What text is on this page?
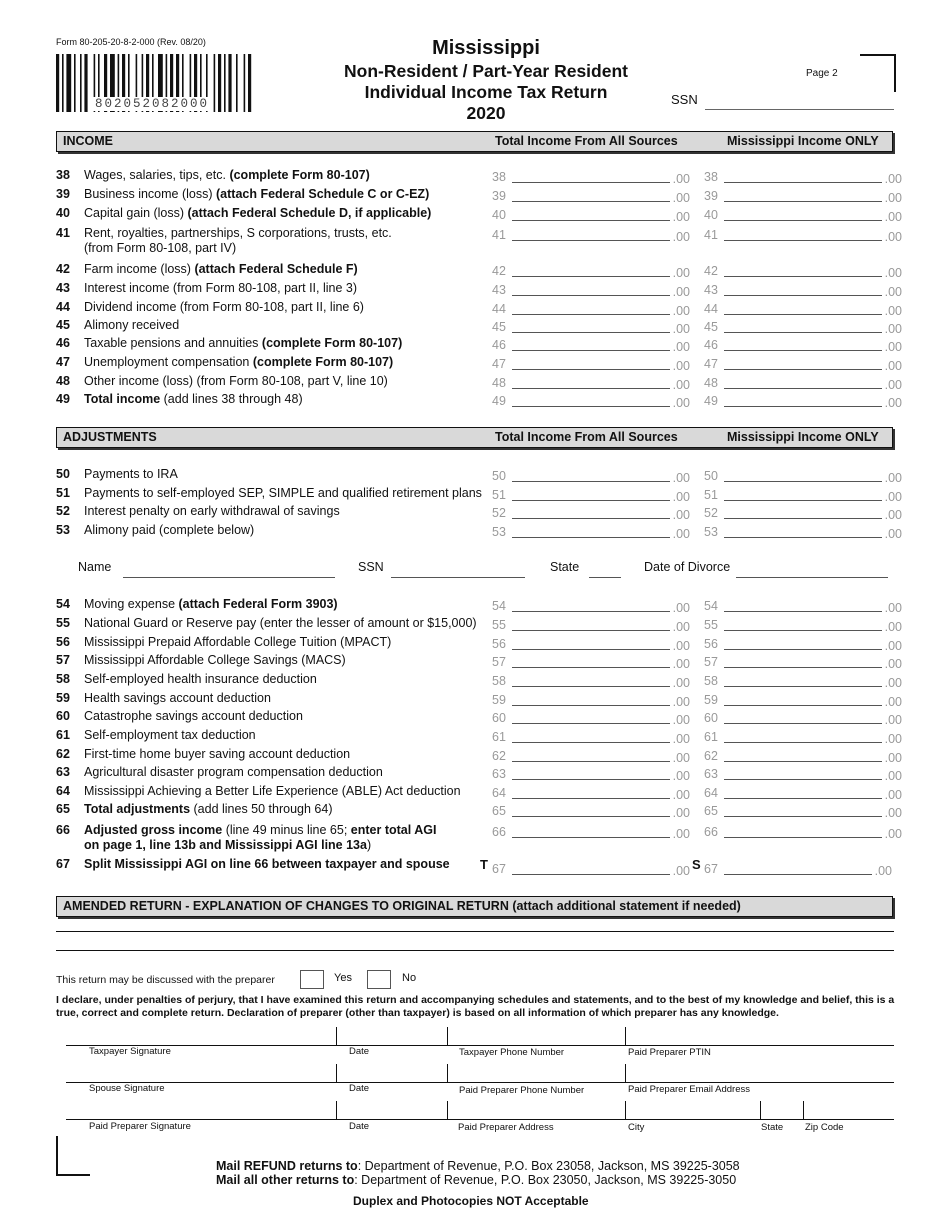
Form 80-205-20-8-2-000 (Rev. 08/20)
802052082000
Mississippi
Non-Resident / Part-Year Resident
Individual Income Tax Return
2020
SSN
Page 2
INCOME	Total Income From All Sources	Mississippi Income ONLY
38 Wages, salaries, tips, etc. (complete Form 80-107)	38	.00 38	.00
39 Business income (loss) (attach Federal Schedule C or C-EZ)	39	.00 39	.00
40 Capital gain (loss) (attach Federal Schedule D, if applicable)	40	.00 40	.00
41 Rent, royalties, partnerships, S corporations, trusts, etc.
(from Form 80-108, part IV)
41	.00 41	.00
42 Farm income (loss) (attach Federal Schedule F)	42	.00 42	.00
43 Interest income (from Form 80-108, part II, line 3)	43	.00 43	.00
44 Dividend income (from Form 80-108, part II, line 6)	44	.00 44	.00
45 Alimony received	45	.00 45	.00
46 Taxable pensions and annuities (complete Form 80-107)	46	.00 46	.00
47 Unemployment compensation (complete Form 80-107)	47	.00 47	.00
48 Other income (loss) (from Form 80-108, part V, line 10)	48	.00 48	.00
49 Total income (add lines 38 through 48)	49	.00 49	.00
ADJUSTMENTS	Total Income From All Sources	Mississippi Income ONLY
50 Payments to IRA	50	.00 50	.00
51 Payments to self-employed SEP, SIMPLE and qualified retirement plans 51	.00 51	.00
52 Interest penalty on early withdrawal of savings	52	.00 52	.00
53 Alimony paid (complete below)	53	.00 53	.00
Name	SSN	State	Date of Divorce
54 Moving expense (attach Federal Form 3903)	54	.00 54	.00
55 National Guard or Reserve pay (enter the lesser of amount or $15,000)	55	.00 55	.00
56 Mississippi Prepaid Affordable College Tuition (MPACT)	56	.00 56	.00
57 Mississippi Affordable College Savings (MACS)	57	.00 57	.00
58 Self-employed health insurance deduction	58	.00 58	.00
59 Health savings account deduction	59	.00 59	.00
60 Catastrophe savings account deduction	60	.00 60	.00
61 Self-employment tax deduction	61	.00 61	.00
62 First-time home buyer saving account deduction	62	.00 62	.00
63 Agricultural disaster program compensation deduction	63	.00 63	.00
64 Mississippi Achieving a Better Life Experience (ABLE) Act deduction	64	.00 64	.00
65 Total adjustments (add lines 50 through 64)	65	.00 65	.00
66 Adjusted gross income (line 49 minus line 65; enter total AGI
on page 1, line 13b and Mississippi AGI line 13a)
66	.00 66	.00
67 Split Mississippi AGI on line 66 between taxpayer and spouse	T 67	.00 S 67	.00
AMENDED RETURN - EXPLANATION OF CHANGES TO ORIGINAL RETURN (attach additional statement if needed)
This return may be discussed with the preparer	Yes	No
I declare, under penalties of perjury, that I have examined this return and accompanying schedules and statements, and to the best of my knowledge and belief, this is a true, correct and complete return. Declaration of preparer (other than taxpayer) is based on all information of which preparer has any knowledge.
Taxpayer Signature	Date	Taxpayer Phone Number	Paid Preparer PTIN
Spouse Signature	Date	Paid Preparer Phone Number	Paid Preparer Email Address
Paid Preparer Signature	Date	Paid Preparer Address	City	State Zip Code
Mail REFUND returns to: Department of Revenue, P.O. Box 23058, Jackson, MS 39225-3058
Mail all other returns to: Department of Revenue, P.O. Box 23050, Jackson, MS 39225-3050
Duplex and Photocopies NOT Acceptable
